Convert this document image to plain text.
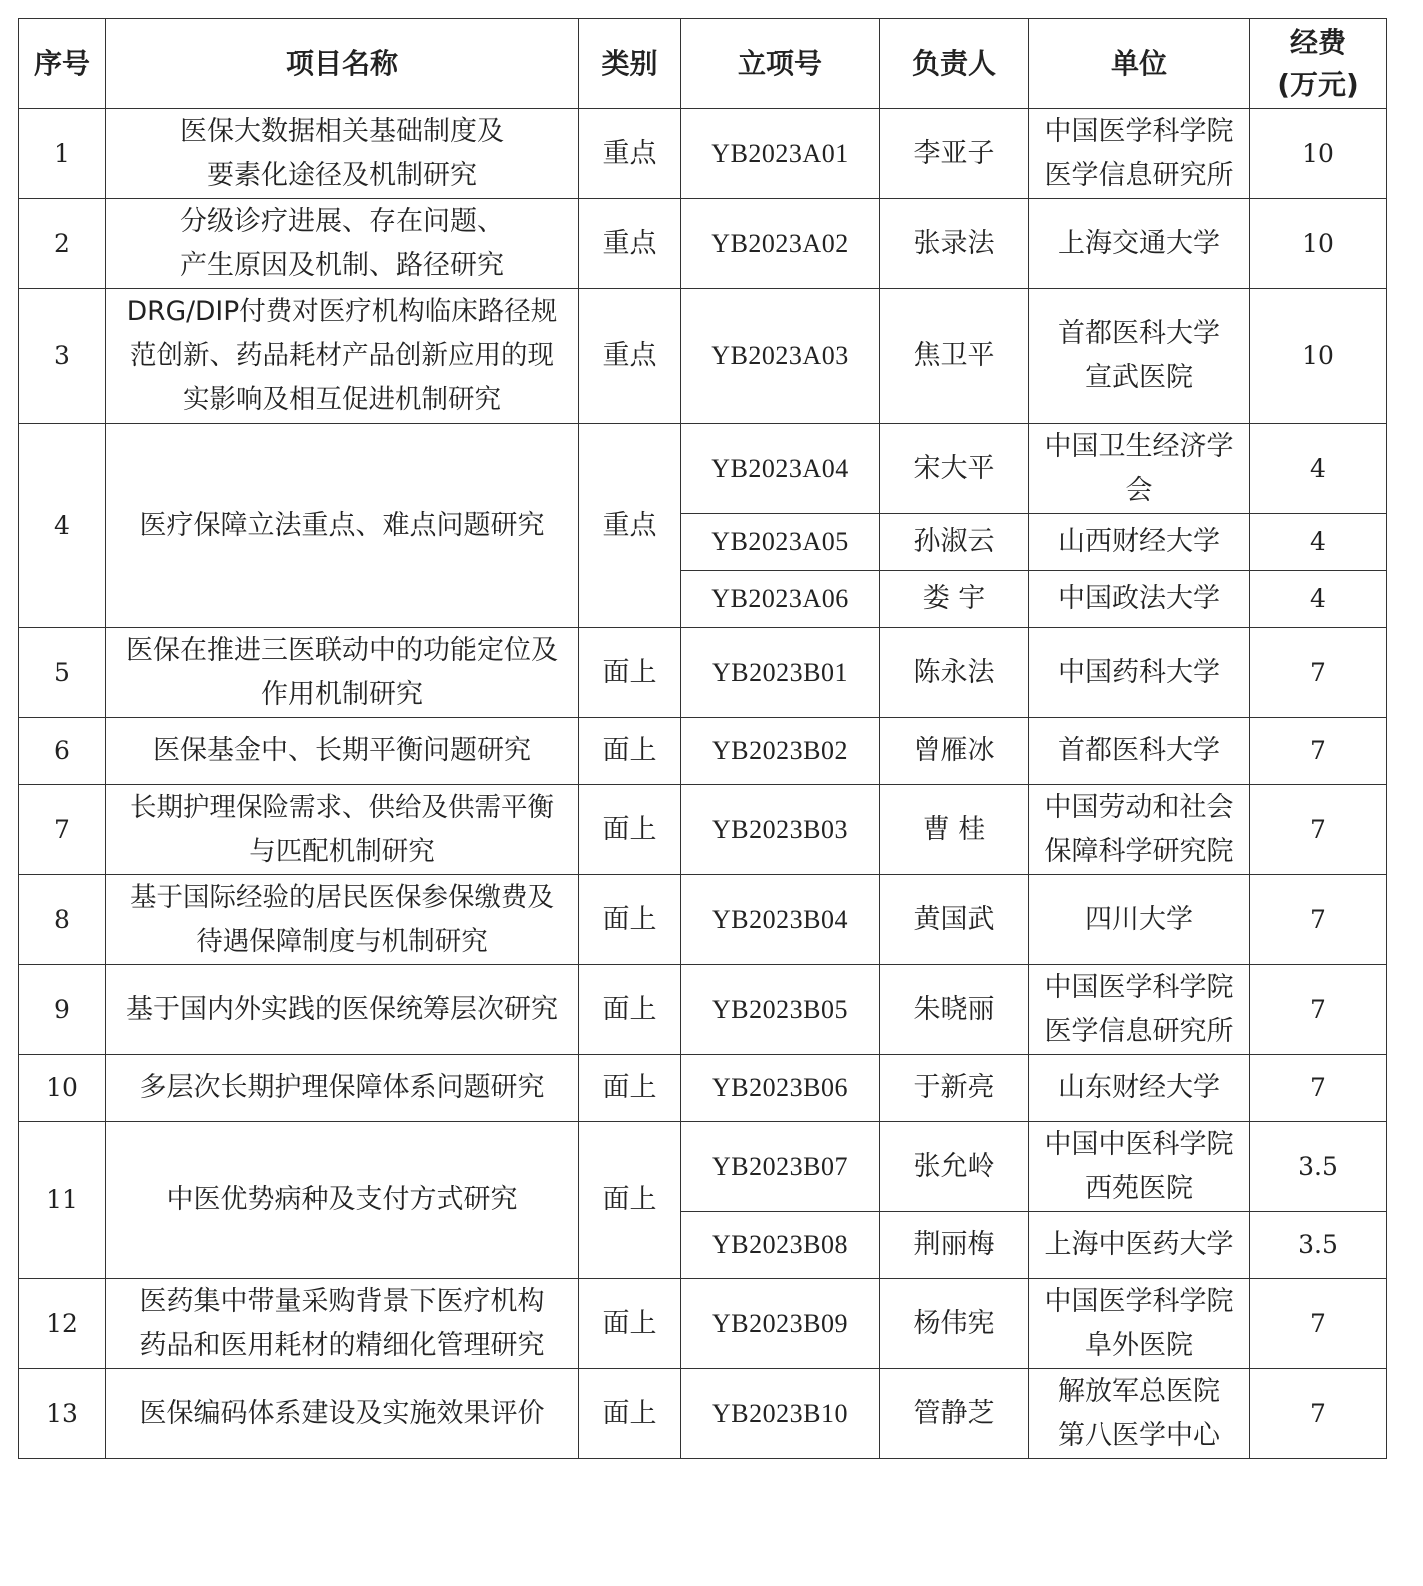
序号	项目名称	类别	立项号	负责人	单位	经费
(万元)
1	医保大数据相关基础制度及
要素化途径及机制研究	重点	YB2023A01	李亚子	中国医学科学院
医学信息研究所	10
2	分级诊疗进展、存在问题、
产生原因及机制、路径研究	重点	YB2023A02	张录法	上海交通大学	10
3	DRG/DIP付费对医疗机构临床路径规
范创新、药品耗材产品创新应用的现
实影响及相互促进机制研究	重点	YB2023A03	焦卫平	首都医科大学
宣武医院	10
4	医疗保障立法重点、难点问题研究	重点	YB2023A04	宋大平	中国卫生经济学
会	4
			YB2023A05	孙淑云	山西财经大学	4
			YB2023A06	娄 宇	中国政法大学	4
5	医保在推进三医联动中的功能定位及
作用机制研究	面上	YB2023B01	陈永法	中国药科大学	7
6	医保基金中、长期平衡问题研究	面上	YB2023B02	曾雁冰	首都医科大学	7
7	长期护理保险需求、供给及供需平衡
与匹配机制研究	面上	YB2023B03	曹 桂	中国劳动和社会
保障科学研究院	7
8	基于国际经验的居民医保参保缴费及
待遇保障制度与机制研究	面上	YB2023B04	黄国武	四川大学	7
9	基于国内外实践的医保统筹层次研究	面上	YB2023B05	朱晓丽	中国医学科学院
医学信息研究所	7
10	多层次长期护理保障体系问题研究	面上	YB2023B06	于新亮	山东财经大学	7
11	中医优势病种及支付方式研究	面上	YB2023B07	张允岭	中国中医科学院
西苑医院	3.5
			YB2023B08	荆丽梅	上海中医药大学	3.5
12	医药集中带量采购背景下医疗机构
药品和医用耗材的精细化管理研究	面上	YB2023B09	杨伟宪	中国医学科学院
阜外医院	7
13	医保编码体系建设及实施效果评价	面上	YB2023B10	管静芝	解放军总医院
第八医学中心	7
